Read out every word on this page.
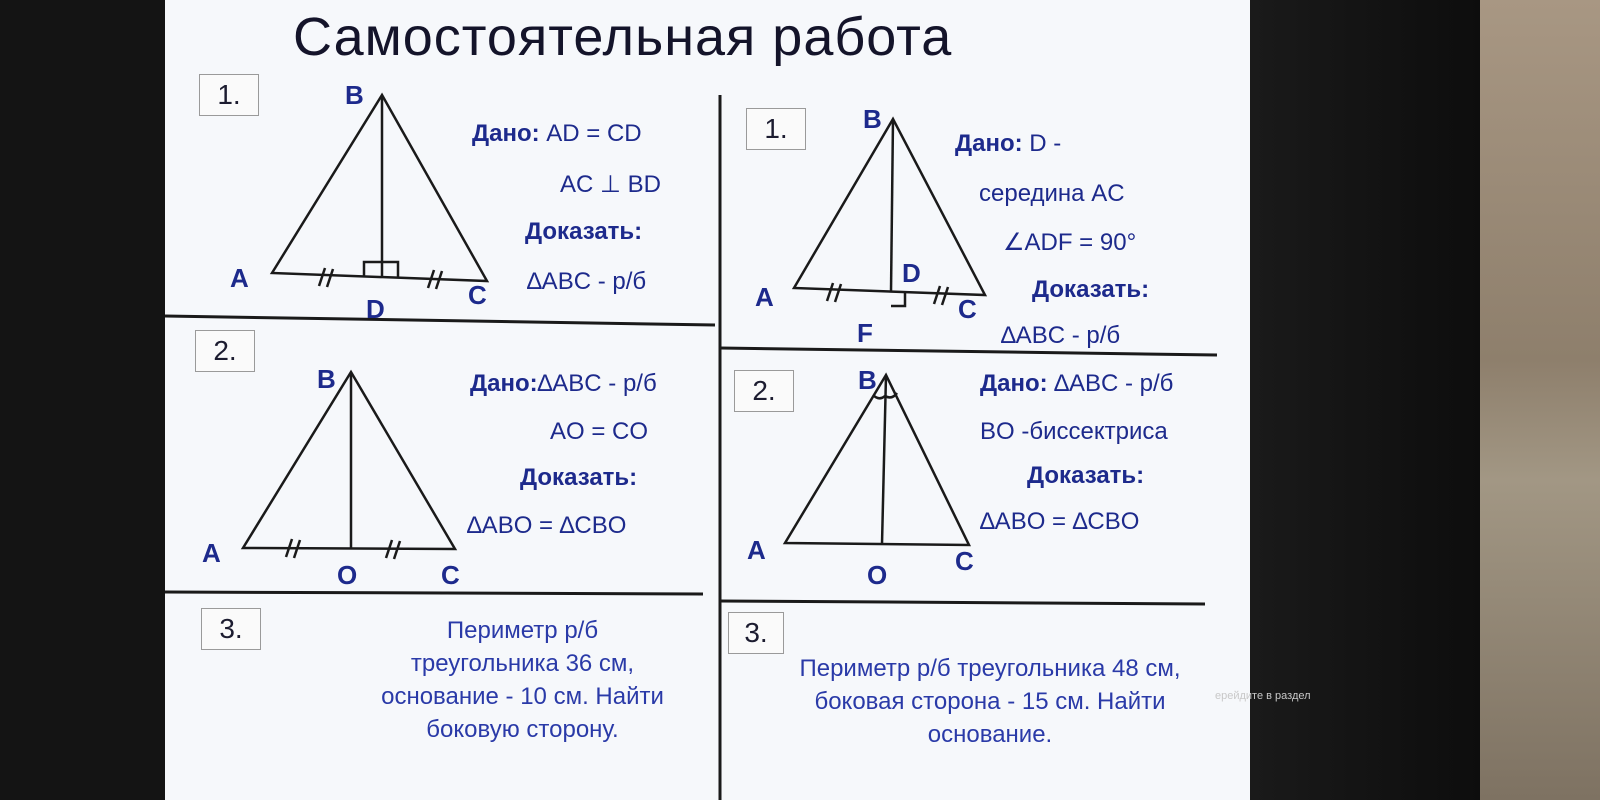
Самостоятельная работа
1.
A
B
C
D
Дано: AD = CD
AC ⊥ BD
Доказать:
∆ABC - р/б
1.
A
B
C
D
F
Дано: D -
середина AC
∠ADF = 90°
Доказать:
∆ABC - р/б
2.
A
B
C
O
Дано:∆ABC - р/б
AO = CO
Доказать:
∆ABO = ∆CBO
2.
A
B
C
O
Дано: ∆ABC - р/б
BO -биссектриса
Доказать:
∆ABO = ∆CBO
3.	Периметр р/б
треугольника 36 см,
основание - 10 см. Найти
боковую сторону.
3.
Периметр р/б треугольника 48 см,
боковая сторона - 15 см. Найти
основание.
ерейдите в раздел
